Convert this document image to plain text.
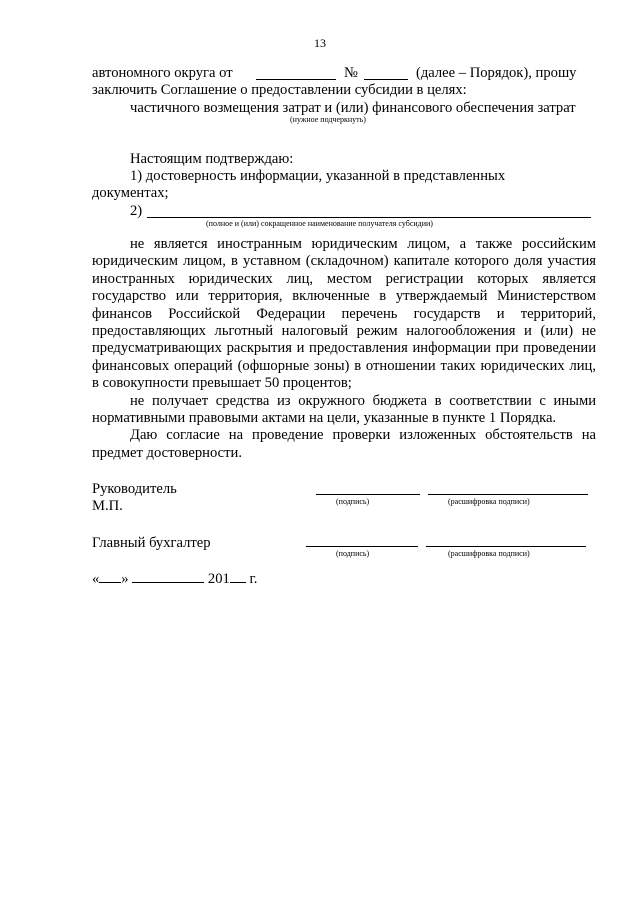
13
автономного округа от	№	(далее – Порядок), прошу
заключить Соглашение о предоставлении субсидии в целях:
частичного возмещения затрат и (или) финансового обеспечения затрат
(нужное подчеркнуть)
Настоящим подтверждаю:
1) достоверность информации, указанной в представленных
документах;
2)
(полное и (или) сокращенное наименование получателя субсидии)

не является иностранным юридическим лицом, а также российским юридическим лицом, в уставном (складочном) капитале которого доля участия иностранных юридических лиц, местом регистрации которых является государство или территория, включенные в утверждаемый Министерством финансов Российской Федерации перечень государств и территорий, предоставляющих льготный налоговый режим налогообложения и (или) не предусматривающих раскрытия и предоставления информации при проведении финансовых операций (офшорные зоны) в отношении таких юридических лиц, в совокупности превышает 50 процентов;

не получает средства из окружного бюджета в соответствии с иными нормативными правовыми актами на цели, указанные в пункте 1 Порядка.

Даю согласие на проведение проверки изложенных обстоятельств на предмет достоверности.

Руководитель
М.П.	(подпись)	(расшифровка подписи)
Главный бухгалтер
(подпись)	(расшифровка подписи)
« »	201 г.
